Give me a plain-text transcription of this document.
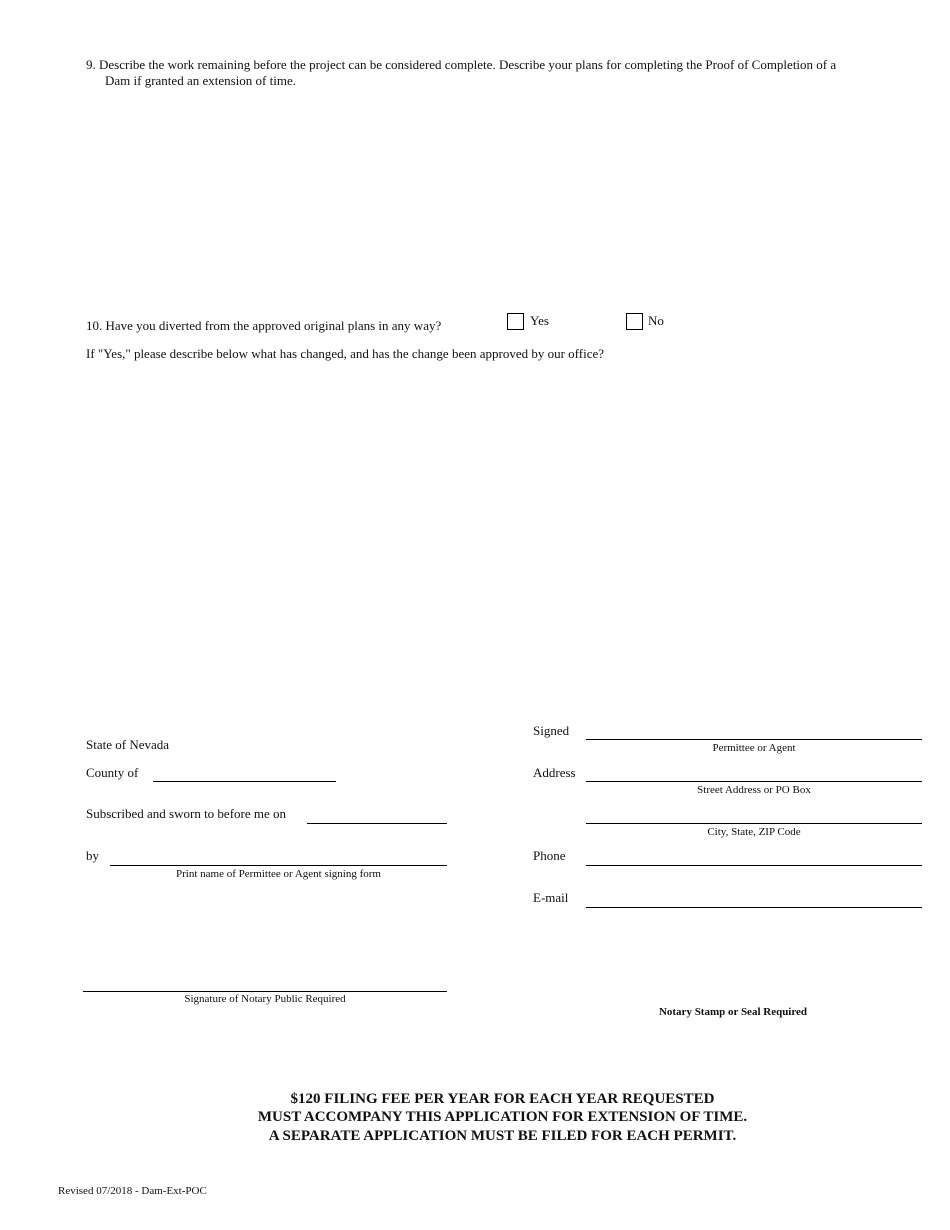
9. Describe the work remaining before the project can be considered complete. Describe your plans for completing the Proof of Completion of a
Dam if granted an extension of time.
10. Have you diverted from the approved original plans in any way?	Yes	No
If "Yes," please describe below what has changed, and has the change been approved by our office?
State of Nevada
County of
Subscribed and sworn to before me on
by
Print name of Permittee or Agent signing form
Signature of Notary Public Required
Signed
Permittee or Agent
Address
Street Address or PO Box
City, State, ZIP Code
Phone
E-mail
Notary Stamp or Seal Required
$120 FILING FEE PER YEAR FOR EACH YEAR REQUESTED
MUST ACCOMPANY THIS APPLICATION FOR EXTENSION OF TIME.
A SEPARATE APPLICATION MUST BE FILED FOR EACH PERMIT.
Revised 07/2018 - Dam-Ext-POC
